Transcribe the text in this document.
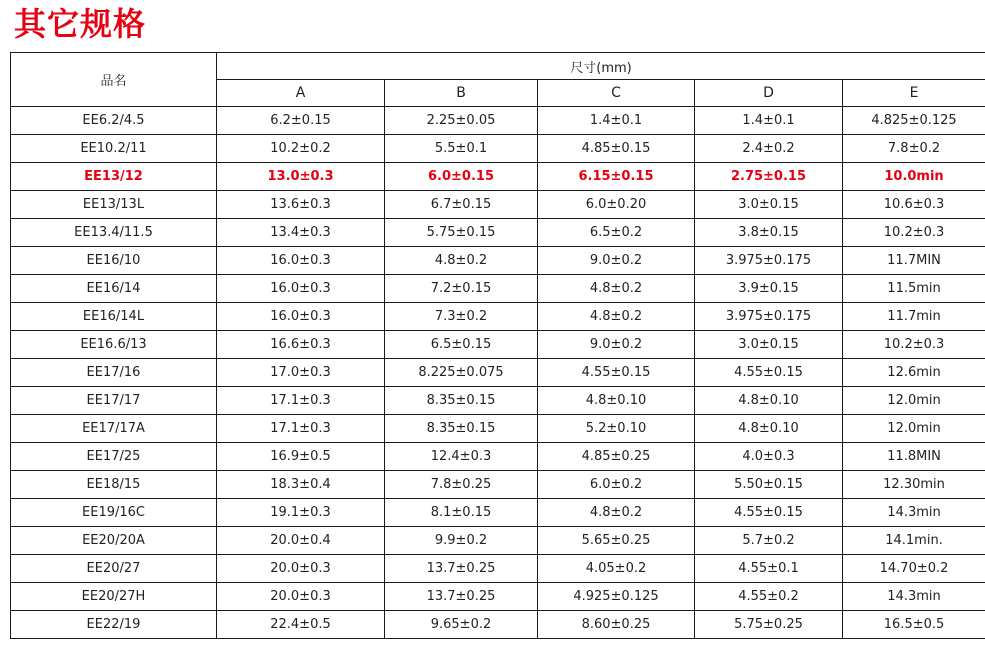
其它规格
品名	尺寸(mm)				
	A	B	C	D	E
EE6.2/4.5	6.2±0.15	2.25±0.05	1.4±0.1	1.4±0.1	4.825±0.125
EE10.2/11	10.2±0.2	5.5±0.1	4.85±0.15	2.4±0.2	7.8±0.2
EE13/12	13.0±0.3	6.0±0.15	6.15±0.15	2.75±0.15	10.0min
EE13/13L	13.6±0.3	6.7±0.15	6.0±0.20	3.0±0.15	10.6±0.3
EE13.4/11.5	13.4±0.3	5.75±0.15	6.5±0.2	3.8±0.15	10.2±0.3
EE16/10	16.0±0.3	4.8±0.2	9.0±0.2	3.975±0.175	11.7MIN
EE16/14	16.0±0.3	7.2±0.15	4.8±0.2	3.9±0.15	11.5min
EE16/14L	16.0±0.3	7.3±0.2	4.8±0.2	3.975±0.175	11.7min
EE16.6/13	16.6±0.3	6.5±0.15	9.0±0.2	3.0±0.15	10.2±0.3
EE17/16	17.0±0.3	8.225±0.075	4.55±0.15	4.55±0.15	12.6min
EE17/17	17.1±0.3	8.35±0.15	4.8±0.10	4.8±0.10	12.0min
EE17/17A	17.1±0.3	8.35±0.15	5.2±0.10	4.8±0.10	12.0min
EE17/25	16.9±0.5	12.4±0.3	4.85±0.25	4.0±0.3	11.8MIN
EE18/15	18.3±0.4	7.8±0.25	6.0±0.2	5.50±0.15	12.30min
EE19/16C	19.1±0.3	8.1±0.15	4.8±0.2	4.55±0.15	14.3min
EE20/20A	20.0±0.4	9.9±0.2	5.65±0.25	5.7±0.2	14.1min.
EE20/27	20.0±0.3	13.7±0.25	4.05±0.2	4.55±0.1	14.70±0.2
EE20/27H	20.0±0.3	13.7±0.25	4.925±0.125	4.55±0.2	14.3min
EE22/19	22.4±0.5	9.65±0.2	8.60±0.25	5.75±0.25	16.5±0.5
